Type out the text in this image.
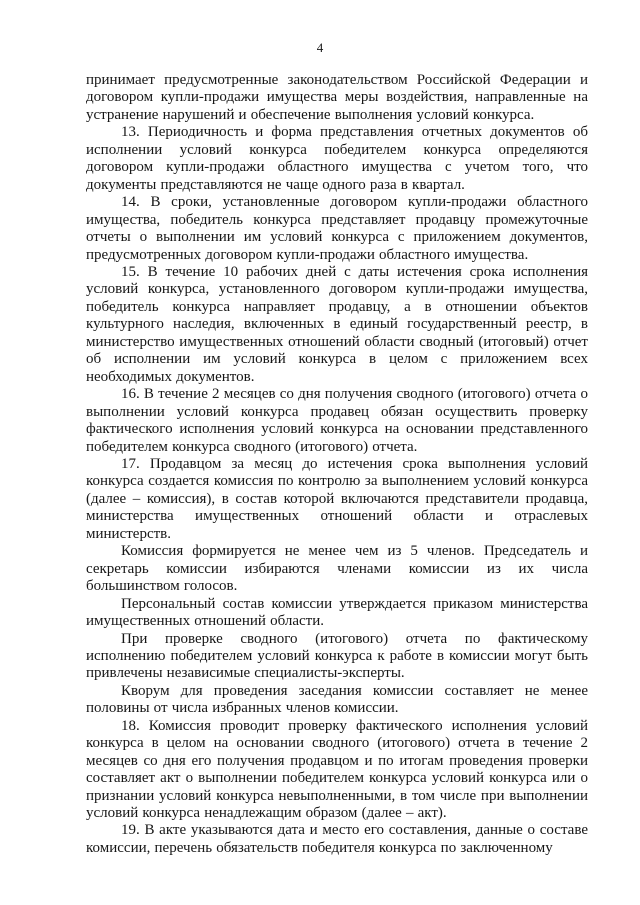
4

принимает предусмотренные законодательством Российской Федерации и договором купли-продажи имущества меры воздействия, направленные на устранение нарушений и обеспечение выполнения условий конкурса.

13. Периодичность и форма представления отчетных документов об исполнении условий конкурса победителем конкурса определяются договором купли-продажи областного имущества с учетом того, что документы представляются не чаще одного раза в квартал.

14. В сроки, установленные договором купли-продажи областного имущества, победитель конкурса представляет продавцу промежуточные отчеты о выполнении им условий конкурса с приложением документов, предусмотренных договором купли-продажи областного имущества.

15. В течение 10 рабочих дней с даты истечения срока исполнения условий конкурса, установленного договором купли-продажи имущества, победитель конкурса направляет продавцу, а в отношении объектов культурного наследия, включенных в единый государственный реестр, в министерство имущественных отношений области сводный (итоговый) отчет об исполнении им условий конкурса в целом с приложением всех необходимых документов.

16. В течение 2 месяцев со дня получения сводного (итогового) отчета о выполнении условий конкурса продавец обязан осуществить проверку фактического исполнения условий конкурса на основании представленного победителем конкурса сводного (итогового) отчета.

17. Продавцом за месяц до истечения срока выполнения условий конкурса создается комиссия по контролю за выполнением условий конкурса (далее – комиссия), в состав которой включаются представители продавца, министерства имущественных отношений области и отраслевых министерств.

Комиссия формируется не менее чем из 5 членов. Председатель и секретарь комиссии избираются членами комиссии из их числа большинством голосов.

Персональный состав комиссии утверждается приказом министерства имущественных отношений области.

При проверке сводного (итогового) отчета по фактическому исполнению победителем условий конкурса к работе в комиссии могут быть привлечены независимые специалисты-эксперты.

Кворум для проведения заседания комиссии составляет не менее половины от числа избранных членов комиссии.

18. Комиссия проводит проверку фактического исполнения условий конкурса в целом на основании сводного (итогового) отчета в течение 2 месяцев со дня его получения продавцом и по итогам проведения проверки составляет акт о выполнении победителем конкурса условий конкурса или о признании условий конкурса невыполненными, в том числе при выполнении условий конкурса ненадлежащим образом (далее – акт).

19. В акте указываются дата и место его составления, данные о составе комиссии, перечень обязательств победителя конкурса по заключенному
